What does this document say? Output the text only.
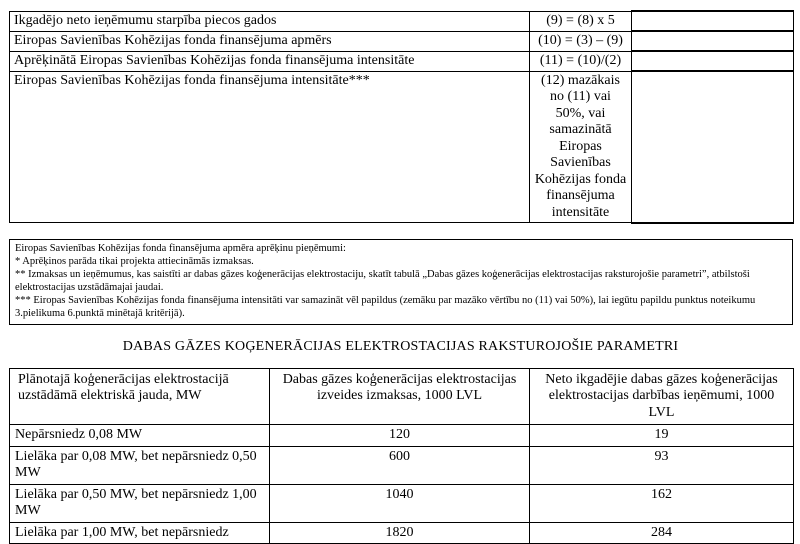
Ikgadējo neto ieņēmumu starpība piecos gados	(9) = (8) x 5	
Eiropas Savienības Kohēzijas fonda finansējuma apmērs	(10) = (3) – (9)	
Aprēķinātā Eiropas Savienības Kohēzijas fonda finansējuma intensitāte	(11) = (10)/(2)	
Eiropas Savienības Kohēzijas fonda finansējuma intensitāte***	(12) mazākais no (11) vai 50%, vai samazinātā Eiropas Savienības Kohēzijas fonda finansējuma intensitāte	

Eiropas Savienības Kohēzijas fonda finansējuma apmēra aprēķinu pieņēmumi:

* Aprēķinos parāda tikai projekta attiecināmās izmaksas.

** Izmaksas un ieņēmumus, kas saistīti ar dabas gāzes koģenerācijas elektrostaciju, skatīt tabulā „Dabas gāzes koģenerācijas elektrostacijas raksturojošie parametri”, atbilstoši elektrostacijas uzstādāmajai jaudai.

*** Eiropas Savienības Kohēzijas fonda finansējuma intensitāti var samazināt vēl papildus (zemāku par mazāko vērtību no (11) vai 50%), lai iegūtu papildu punktus noteikumu 3.pielikuma 6.punktā minētajā kritērijā).

DABAS GĀZES KOĢENERĀCIJAS ELEKTROSTACIJAS RAKSTUROJOŠIE PARAMETRI
Plānotajā koģenerācijas elektrostacijā uzstādāmā elektriskā jauda, MW	Dabas gāzes koģenerācijas elektrostacijas izveides izmaksas, 1000 LVL	Neto ikgadējie dabas gāzes koģenerācijas elektrostacijas darbības ieņēmumi, 1000 LVL
Nepārsniedz 0,08 MW	120	19
Lielāka par 0,08 MW, bet nepārsniedz 0,50 MW	600	93
Lielāka par 0,50 MW, bet nepārsniedz 1,00 MW	1040	162
Lielāka par 1,00 MW, bet nepārsniedz	1820	284
